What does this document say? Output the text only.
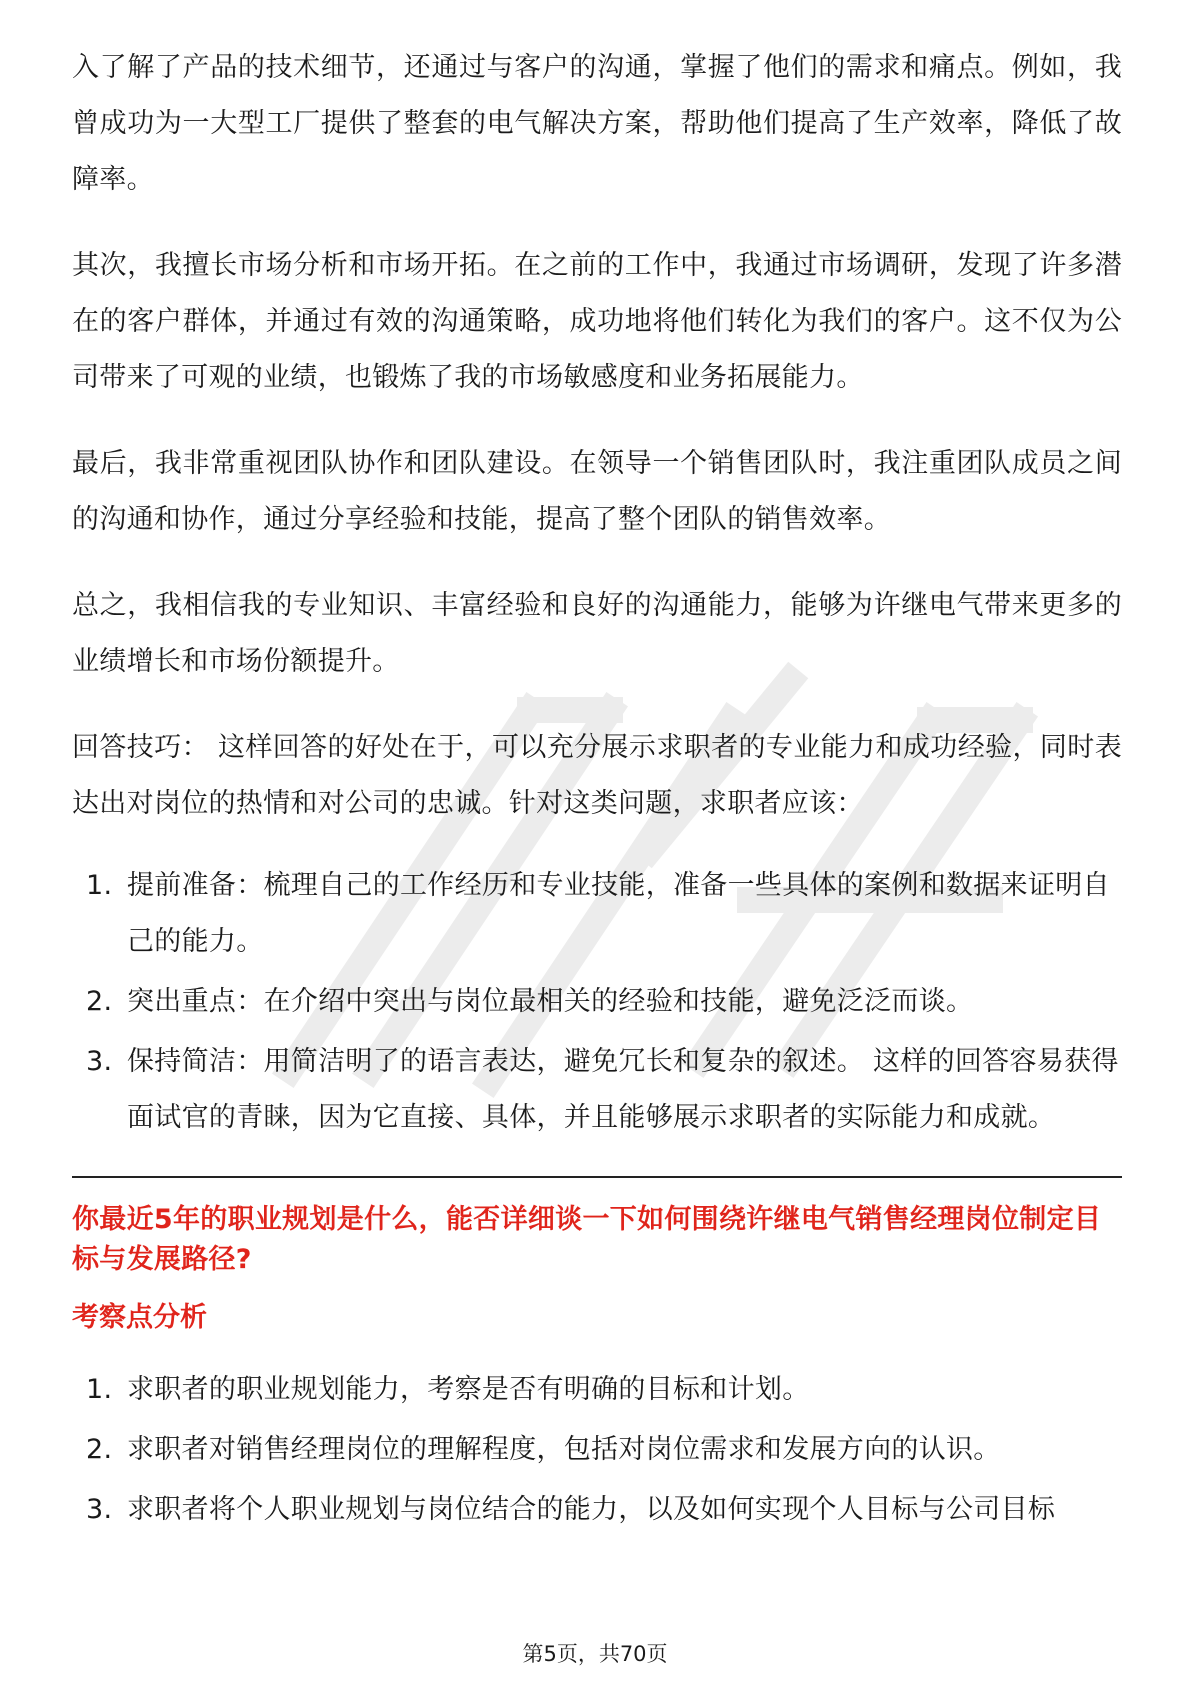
入了解了产品的技术细节，还通过与客户的沟通，掌握了他们的需求和痛点。例如，我曾成功为一大型工厂提供了整套的电气解决方案，帮助他们提高了生产效率，降低了故障率。

其次，我擅长市场分析和市场开拓。在之前的工作中，我通过市场调研，发现了许多潜在的客户群体，并通过有效的沟通策略，成功地将他们转化为我们的客户。这不仅为公司带来了可观的业绩，也锻炼了我的市场敏感度和业务拓展能力。

最后，我非常重视团队协作和团队建设。在领导一个销售团队时，我注重团队成员之间的沟通和协作，通过分享经验和技能，提高了整个团队的销售效率。

总之，我相信我的专业知识、丰富经验和良好的沟通能力，能够为许继电气带来更多的业绩增长和市场份额提升。

回答技巧： 这样回答的好处在于，可以充分展示求职者的专业能力和成功经验，同时表达出对岗位的热情和对公司的忠诚。针对这类问题，求职者应该：

1. 提前准备：梳理自己的工作经历和专业技能，准备一些具体的案例和数据来证明自己的能力。
2. 突出重点：在介绍中突出与岗位最相关的经验和技能，避免泛泛而谈。
3. 保持简洁：用简洁明了的语言表达，避免冗长和复杂的叙述。 这样的回答容易获得面试官的青睐，因为它直接、具体，并且能够展示求职者的实际能力和成就。
你最近5年的职业规划是什么，能否详细谈一下如何围绕许继电气销售经理岗位制定目标与发展路径?
考察点分析
1. 求职者的职业规划能力，考察是否有明确的目标和计划。
2. 求职者对销售经理岗位的理解程度，包括对岗位需求和发展方向的认识。
3. 求职者将个人职业规划与岗位结合的能力，以及如何实现个人目标与公司目标
第5页，共70页
